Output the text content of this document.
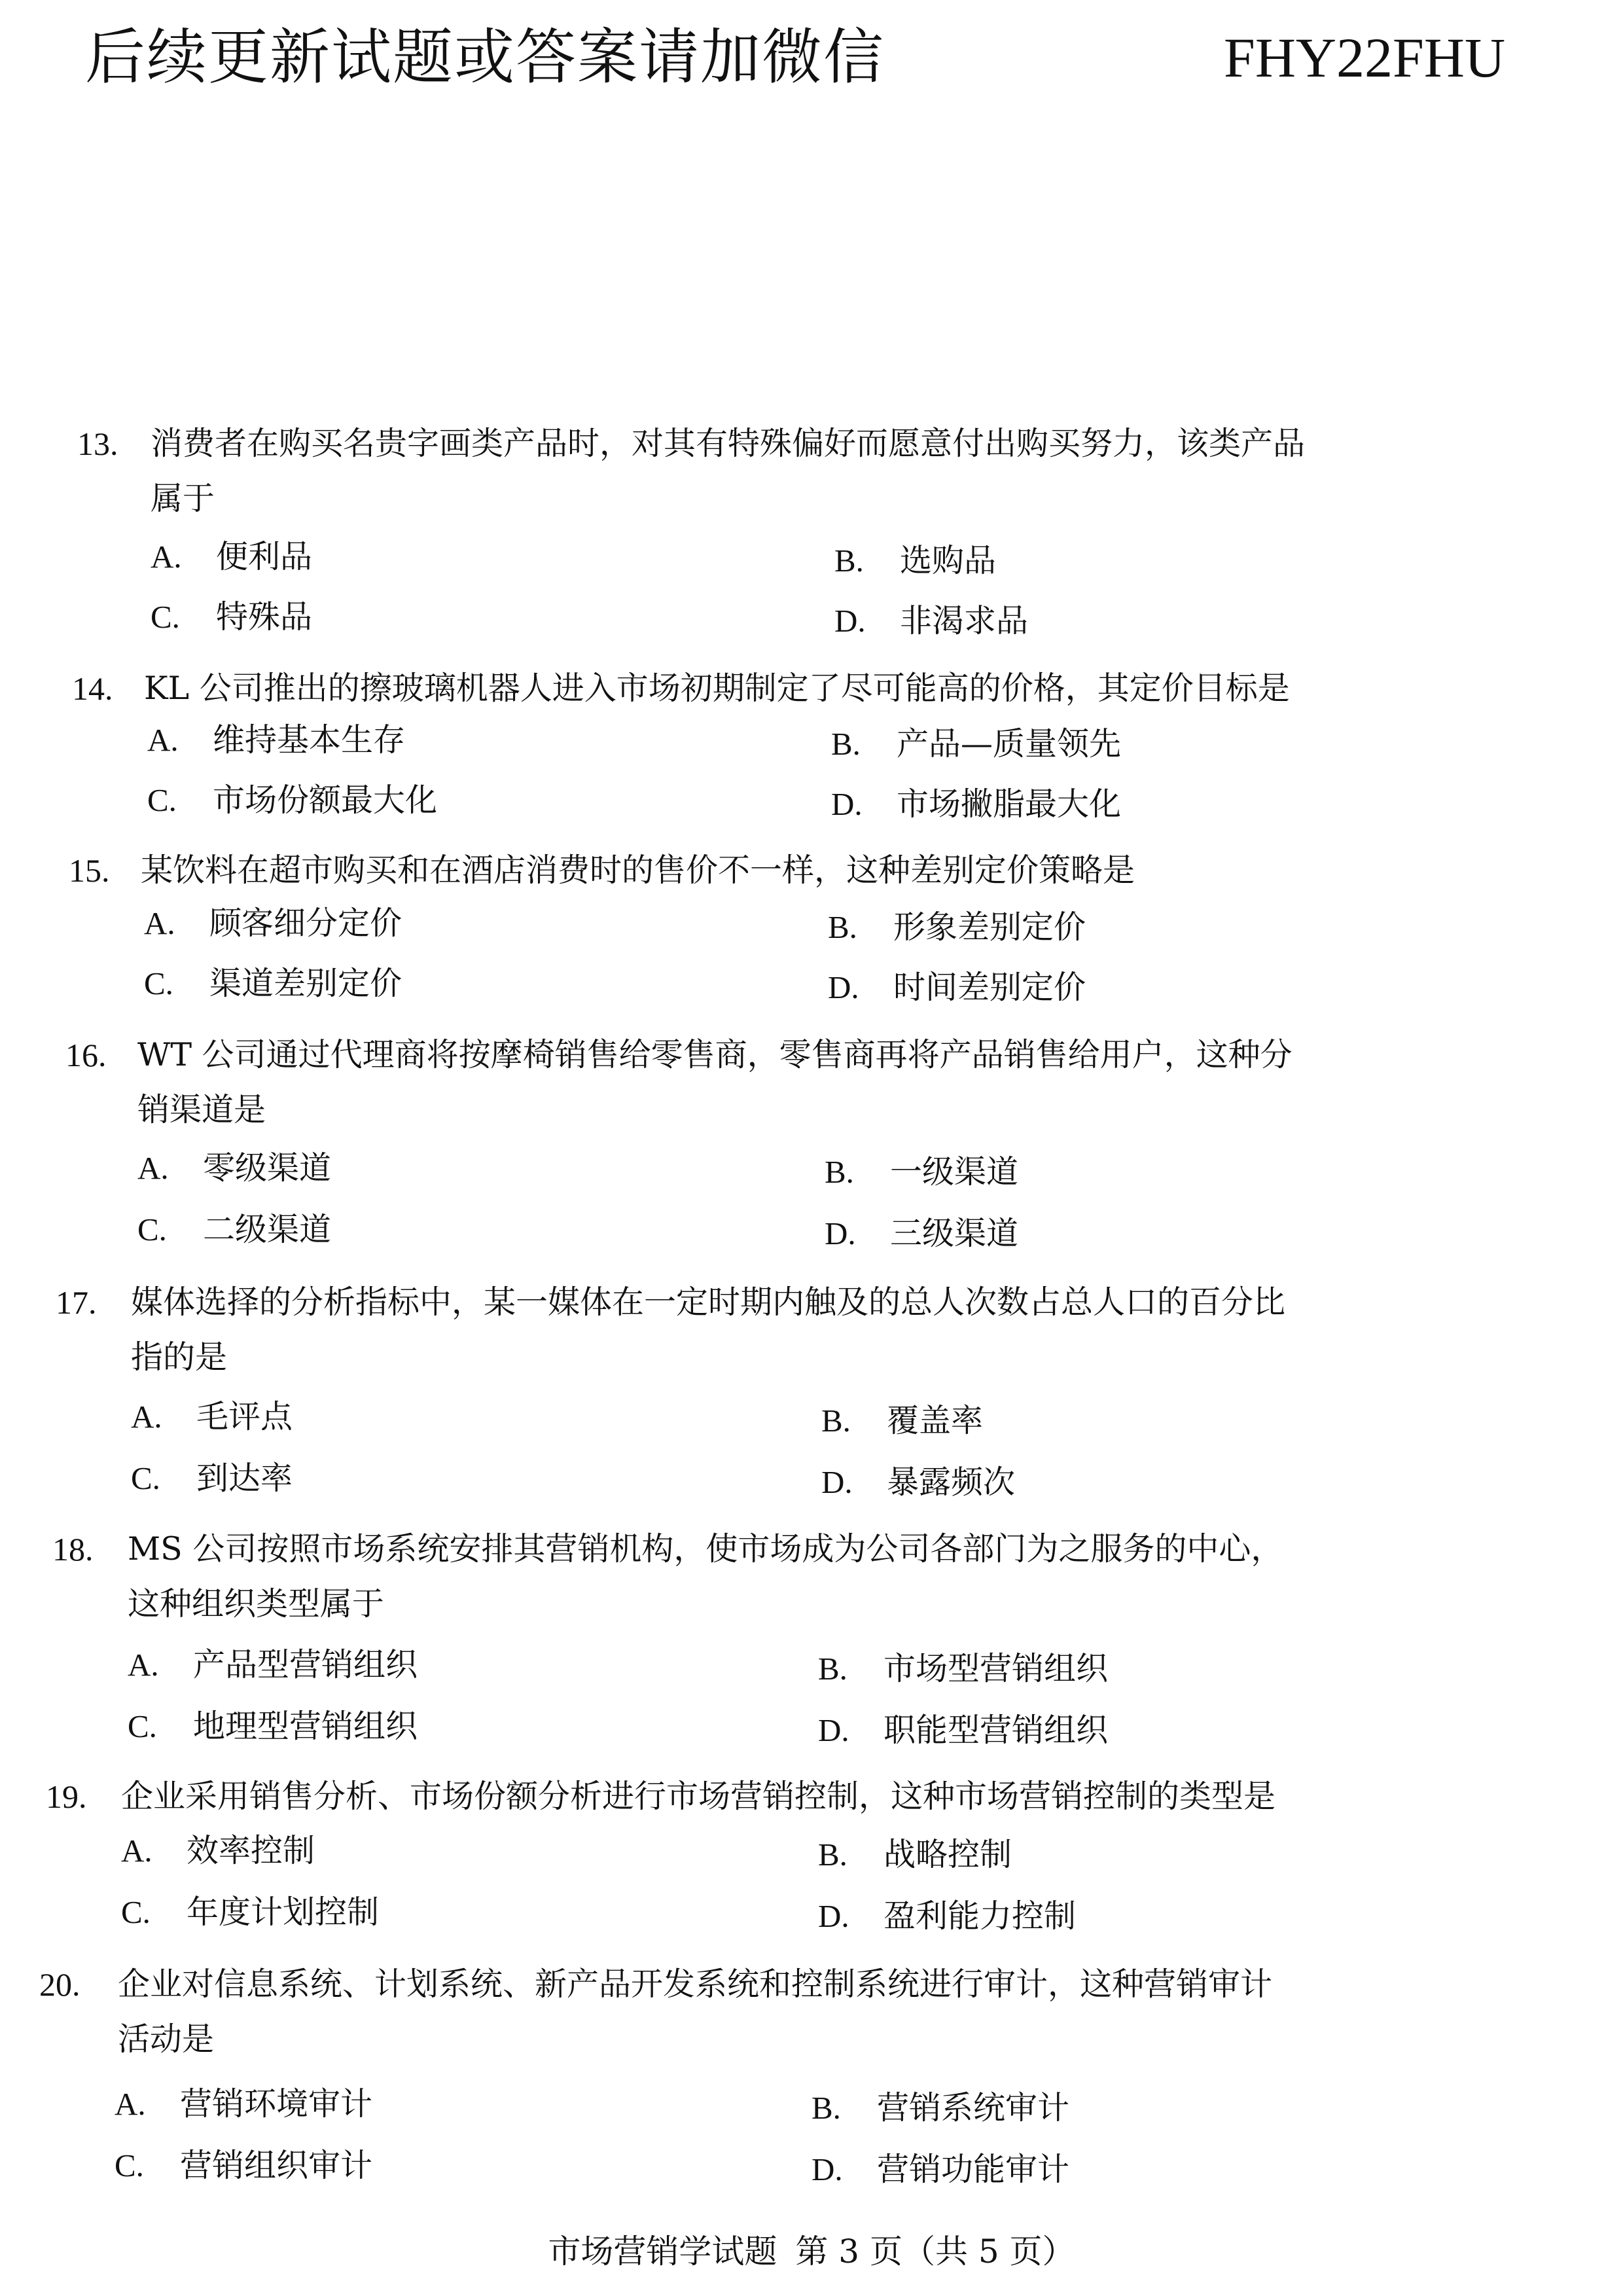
后续更新试题或答案请加微信	FHY22FHU
13.	消费者在购买名贵字画类产品时，对其有特殊偏好而愿意付出购买努力，该类产品
属于
A. 便利品	B. 选购品
C. 特殊品	D. 非渴求品
14. KL 公司推出的擦玻璃机器人进入市场初期制定了尽可能高的价格，其定价目标是
A. 维持基本生存	B. 产品—质量领先
C. 市场份额最大化	D. 市场撇脂最大化
15. 某饮料在超市购买和在酒店消费时的售价不一样，这种差别定价策略是
A. 顾客细分定价	B. 形象差别定价
C. 渠道差别定价	D. 时间差别定价
16. WT 公司通过代理商将按摩椅销售给零售商，零售商再将产品销售给用户，这种分
销渠道是
A. 零级渠道	B. 一级渠道
C. 二级渠道	D. 三级渠道
17.	媒体选择的分析指标中，某一媒体在一定时期内触及的总人次数占总人口的百分比
指的是
A. 毛评点	B. 覆盖率
C. 到达率	D. 暴露频次
18.	MS 公司按照市场系统安排其营销机构，使市场成为公司各部门为之服务的中心，
这种组织类型属于
A. 产品型营销组织	B. 市场型营销组织
C. 地理型营销组织	D. 职能型营销组织
19.	企业采用销售分析、市场份额分析进行市场营销控制，这种市场营销控制的类型是
A. 效率控制	B. 战略控制
C. 年度计划控制	D. 盈利能力控制
20.	企业对信息系统、计划系统、新产品开发系统和控制系统进行审计，这种营销审计
活动是
A. 营销环境审计	B. 营销系统审计
C. 营销组织审计	D. 营销功能审计
市场营销学试题 第 3 页（共 5 页）
